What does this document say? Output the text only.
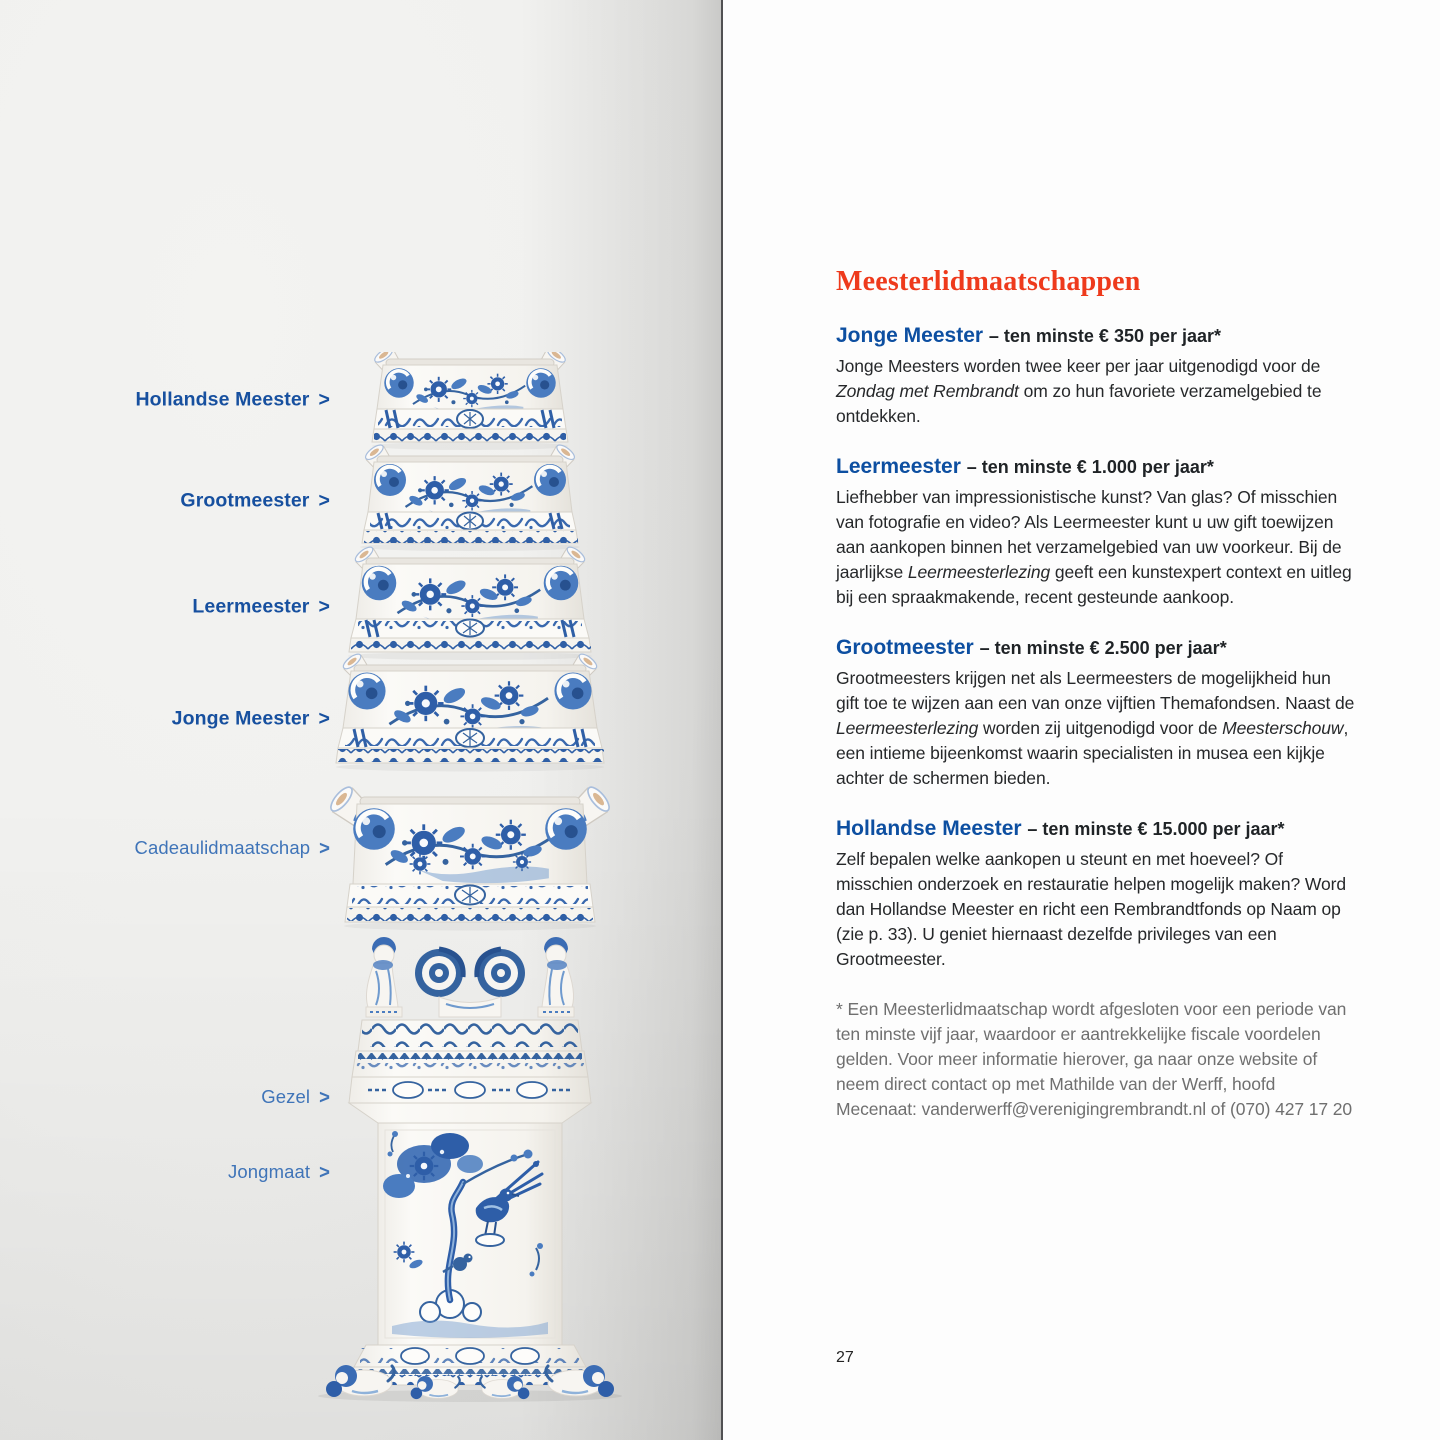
Hollandse Meester >
Grootmeester >
Leermeester >
Jonge Meester >
Cadeaulidmaatschap >
Gezel >
Jongmaat >
Meesterlidmaatschappen
Jonge Meester – ten minste € 350 per jaar*

Jonge Meesters worden twee keer per jaar uitgenodigd voor de Zondag met Rembrandt om zo hun favoriete verzamelgebied te ontdekken.

Leermeester – ten minste € 1.000 per jaar*

Liefhebber van impressionistische kunst? Van glas? Of misschien van fotografie en video? Als Leermeester kunt u uw gift toewijzen aan aankopen binnen het verzamelgebied van uw voorkeur. Bij de jaarlijkse Leermeesterlezing geeft een kunstexpert context en uitleg bij een spraakmakende, recent gesteunde aankoop.

Grootmeester – ten minste € 2.500 per jaar*

Grootmeesters krijgen net als Leermeesters de mogelijkheid hun gift toe te wijzen aan een van onze vijftien Themafondsen. Naast de Leermeesterlezing worden zij uitgenodigd voor de Meesterschouw, een intieme bijeenkomst waarin specialisten in musea een kijkje achter de schermen bieden.

Hollandse Meester – ten minste € 15.000 per jaar*

Zelf bepalen welke aankopen u steunt en met hoeveel? Of misschien onderzoek en restauratie helpen mogelijk maken? Word dan Hollandse Meester en richt een Rembrandtfonds op Naam op (zie p. 33). U geniet hiernaast dezelfde privileges van een Grootmeester.

* Een Meesterlidmaatschap wordt afgesloten voor een periode van ten minste vijf jaar, waardoor er aantrekkelijke fiscale voordelen gelden. Voor meer informatie hierover, ga naar onze website of neem direct contact op met Mathilde van der Werff, hoofd Mecenaat: vanderwerff@verenigingrembrandt.nl of (070) 427 17 20

27
